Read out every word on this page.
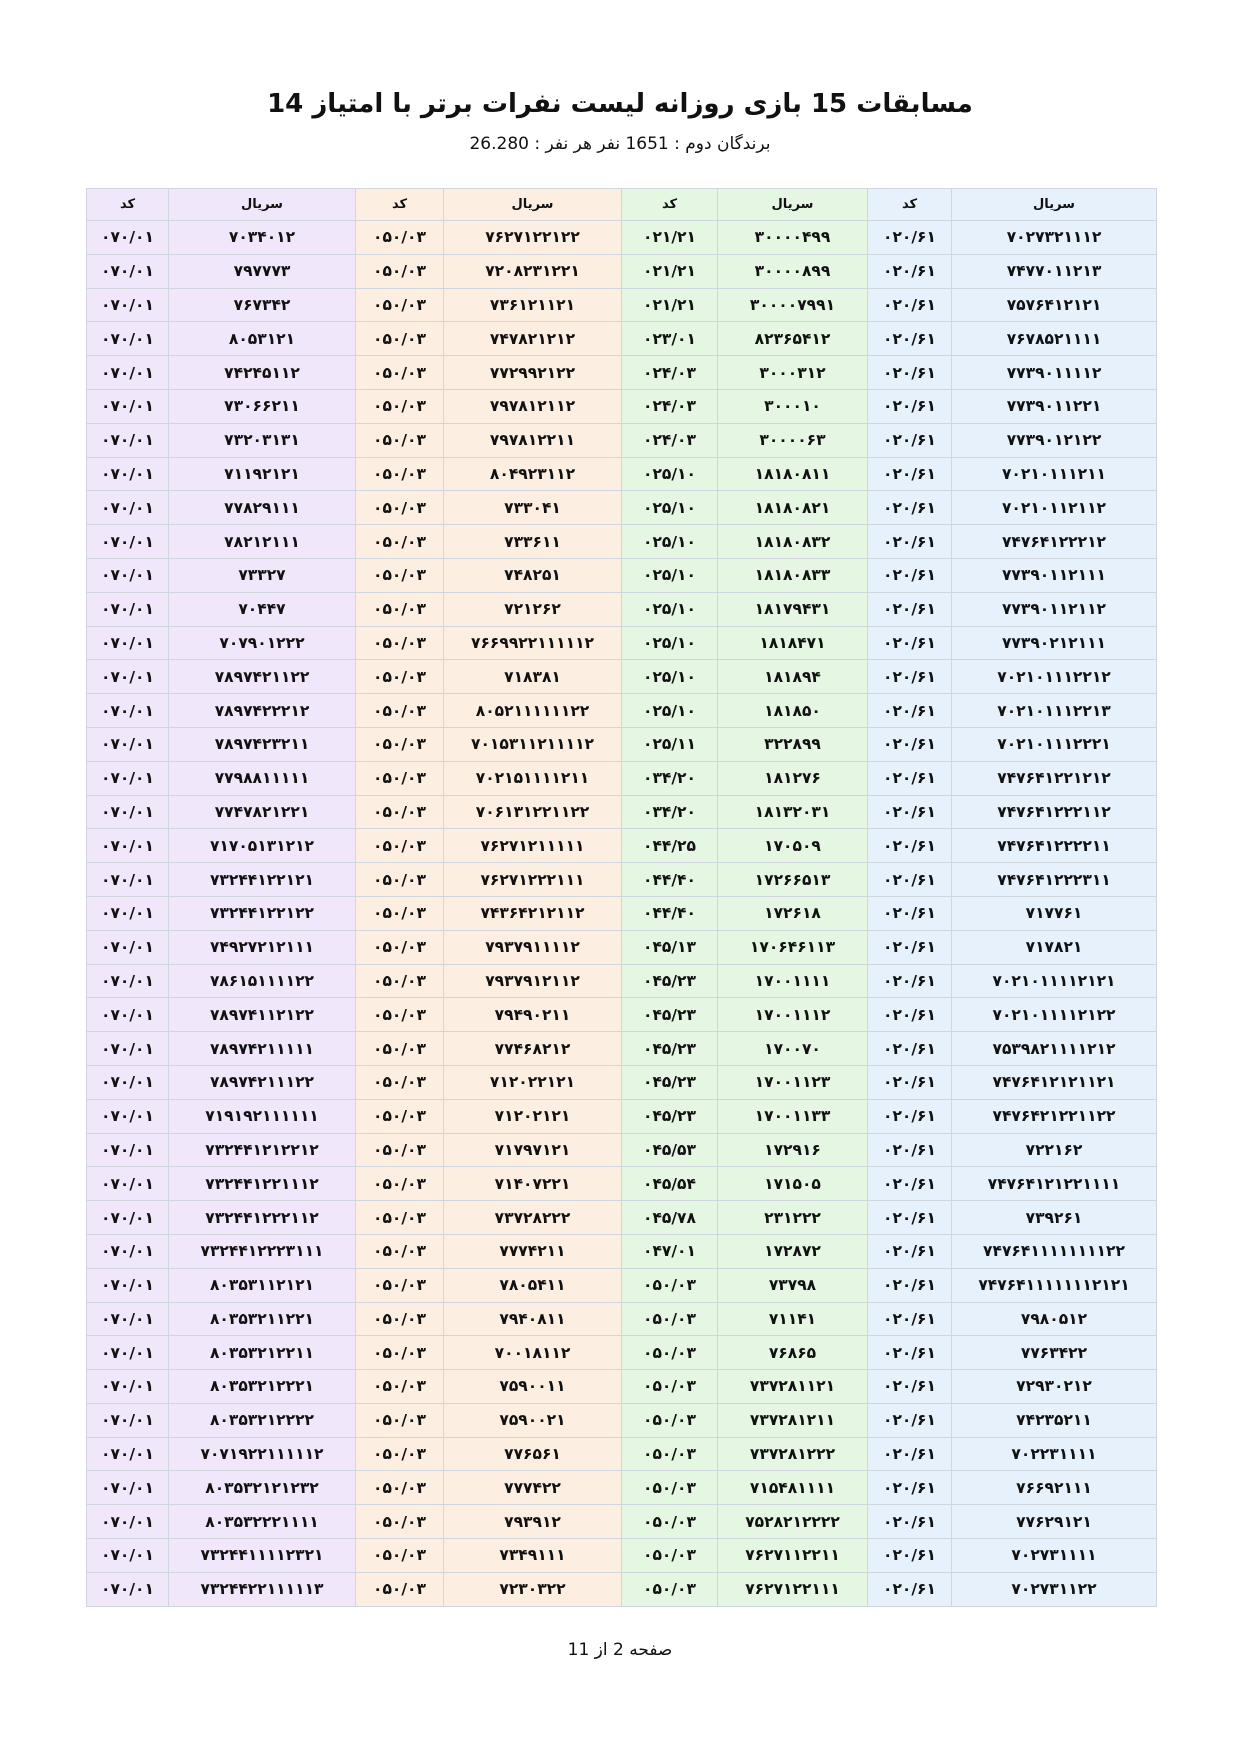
مسابقات 15 بازی روزانه لیست نفرات برتر با امتیاز 14
برندگان دوم : 1651 نفر هر نفر : 26.280
سریال	کد	سریال	کد	سریال	کد	سریال	کد
۷۰۲۷۳۲۱۱۱۲	۰۲۰/۶۱	۳۰۰۰۰۴۹۹	۰۲۱/۲۱	۷۶۲۷۱۲۲۱۲۲	۰۵۰/۰۳	۷۰۳۴۰۱۲	۰۷۰/۰۱
۷۴۷۷۰۱۱۲۱۳	۰۲۰/۶۱	۳۰۰۰۰۸۹۹	۰۲۱/۲۱	۷۲۰۸۲۳۱۲۲۱	۰۵۰/۰۳	۷۹۷۷۷۳	۰۷۰/۰۱
۷۵۷۶۴۱۲۱۲۱	۰۲۰/۶۱	۳۰۰۰۰۷۹۹۱	۰۲۱/۲۱	۷۳۶۱۲۱۱۲۱	۰۵۰/۰۳	۷۶۷۳۴۲	۰۷۰/۰۱
۷۶۷۸۵۲۱۱۱۱	۰۲۰/۶۱	۸۲۳۶۵۴۱۲	۰۲۳/۰۱	۷۴۷۸۲۱۲۱۲	۰۵۰/۰۳	۸۰۵۳۱۲۱	۰۷۰/۰۱
۷۷۳۹۰۱۱۱۱۲	۰۲۰/۶۱	۳۰۰۰۳۱۲	۰۲۴/۰۳	۷۷۲۹۹۲۱۲۲	۰۵۰/۰۳	۷۴۲۴۵۱۱۲	۰۷۰/۰۱
۷۷۳۹۰۱۱۲۲۱	۰۲۰/۶۱	۳۰۰۰۱۰	۰۲۴/۰۳	۷۹۷۸۱۲۱۱۲	۰۵۰/۰۳	۷۳۰۶۶۲۱۱	۰۷۰/۰۱
۷۷۳۹۰۱۲۱۲۲	۰۲۰/۶۱	۳۰۰۰۰۶۳	۰۲۴/۰۳	۷۹۷۸۱۲۲۱۱	۰۵۰/۰۳	۷۳۲۰۳۱۳۱	۰۷۰/۰۱
۷۰۲۱۰۱۱۱۲۱۱	۰۲۰/۶۱	۱۸۱۸۰۸۱۱	۰۲۵/۱۰	۸۰۴۹۲۳۱۱۲	۰۵۰/۰۳	۷۱۱۹۲۱۲۱	۰۷۰/۰۱
۷۰۲۱۰۱۱۲۱۱۲	۰۲۰/۶۱	۱۸۱۸۰۸۲۱	۰۲۵/۱۰	۷۳۳۰۴۱	۰۵۰/۰۳	۷۷۸۲۹۱۱۱	۰۷۰/۰۱
۷۴۷۶۴۱۲۲۲۱۲	۰۲۰/۶۱	۱۸۱۸۰۸۳۲	۰۲۵/۱۰	۷۳۳۶۱۱	۰۵۰/۰۳	۷۸۲۱۲۱۱۱	۰۷۰/۰۱
۷۷۳۹۰۱۱۲۱۱۱	۰۲۰/۶۱	۱۸۱۸۰۸۳۳	۰۲۵/۱۰	۷۴۸۲۵۱	۰۵۰/۰۳	۷۳۳۲۷	۰۷۰/۰۱
۷۷۳۹۰۱۱۲۱۱۲	۰۲۰/۶۱	۱۸۱۷۹۴۳۱	۰۲۵/۱۰	۷۲۱۲۶۲	۰۵۰/۰۳	۷۰۴۴۷	۰۷۰/۰۱
۷۷۳۹۰۲۱۲۱۱۱	۰۲۰/۶۱	۱۸۱۸۴۷۱	۰۲۵/۱۰	۷۶۶۹۹۲۲۱۱۱۱۱۲	۰۵۰/۰۳	۷۰۷۹۰۱۲۲۲	۰۷۰/۰۱
۷۰۲۱۰۱۱۱۲۲۱۲	۰۲۰/۶۱	۱۸۱۸۹۴	۰۲۵/۱۰	۷۱۸۳۸۱	۰۵۰/۰۳	۷۸۹۷۴۲۱۱۲۲	۰۷۰/۰۱
۷۰۲۱۰۱۱۱۲۲۱۳	۰۲۰/۶۱	۱۸۱۸۵۰	۰۲۵/۱۰	۸۰۵۲۱۱۱۱۱۱۲۲	۰۵۰/۰۳	۷۸۹۷۴۲۲۲۱۲	۰۷۰/۰۱
۷۰۲۱۰۱۱۱۲۲۲۱	۰۲۰/۶۱	۳۲۲۸۹۹	۰۲۵/۱۱	۷۰۱۵۳۱۱۲۱۱۱۱۲	۰۵۰/۰۳	۷۸۹۷۴۲۳۲۱۱	۰۷۰/۰۱
۷۴۷۶۴۱۲۲۱۲۱۲	۰۲۰/۶۱	۱۸۱۲۷۶	۰۳۴/۲۰	۷۰۲۱۵۱۱۱۱۲۱۱	۰۵۰/۰۳	۷۷۹۸۸۱۱۱۱۱	۰۷۰/۰۱
۷۴۷۶۴۱۲۲۲۱۱۲	۰۲۰/۶۱	۱۸۱۳۲۰۳۱	۰۳۴/۲۰	۷۰۶۱۳۱۲۲۱۱۲۲	۰۵۰/۰۳	۷۷۴۷۸۲۱۲۲۱	۰۷۰/۰۱
۷۴۷۶۴۱۲۲۲۲۱۱	۰۲۰/۶۱	۱۷۰۵۰۹	۰۴۴/۲۵	۷۶۲۷۱۲۱۱۱۱۱	۰۵۰/۰۳	۷۱۷۰۵۱۳۱۲۱۲	۰۷۰/۰۱
۷۴۷۶۴۱۲۲۲۳۱۱	۰۲۰/۶۱	۱۷۲۶۶۵۱۳	۰۴۴/۴۰	۷۶۲۷۱۲۲۲۱۱۱	۰۵۰/۰۳	۷۳۲۴۴۱۲۲۱۲۱	۰۷۰/۰۱
۷۱۷۷۶۱	۰۲۰/۶۱	۱۷۲۶۱۸	۰۴۴/۴۰	۷۴۳۶۴۲۱۲۱۱۲	۰۵۰/۰۳	۷۳۲۴۴۱۲۲۱۲۲	۰۷۰/۰۱
۷۱۷۸۲۱	۰۲۰/۶۱	۱۷۰۶۴۶۱۱۳	۰۴۵/۱۳	۷۹۳۷۹۱۱۱۱۲	۰۵۰/۰۳	۷۴۹۲۷۲۱۲۱۱۱	۰۷۰/۰۱
۷۰۲۱۰۱۱۱۱۲۱۲۱	۰۲۰/۶۱	۱۷۰۰۱۱۱۱	۰۴۵/۲۳	۷۹۳۷۹۱۲۱۱۲	۰۵۰/۰۳	۷۸۶۱۵۱۱۱۱۲۲	۰۷۰/۰۱
۷۰۲۱۰۱۱۱۱۲۱۲۲	۰۲۰/۶۱	۱۷۰۰۱۱۱۲	۰۴۵/۲۳	۷۹۴۹۰۲۱۱	۰۵۰/۰۳	۷۸۹۷۴۱۱۲۱۲۲	۰۷۰/۰۱
۷۵۳۹۸۲۱۱۱۱۲۱۲	۰۲۰/۶۱	۱۷۰۰۷۰	۰۴۵/۲۳	۷۷۴۶۸۲۱۲	۰۵۰/۰۳	۷۸۹۷۴۲۱۱۱۱۱	۰۷۰/۰۱
۷۴۷۶۴۱۲۱۲۱۱۲۱	۰۲۰/۶۱	۱۷۰۰۱۱۲۳	۰۴۵/۲۳	۷۱۲۰۲۲۱۲۱	۰۵۰/۰۳	۷۸۹۷۴۲۱۱۱۲۲	۰۷۰/۰۱
۷۴۷۶۴۲۱۲۲۱۱۲۲	۰۲۰/۶۱	۱۷۰۰۱۱۳۳	۰۴۵/۲۳	۷۱۲۰۲۱۲۱	۰۵۰/۰۳	۷۱۹۱۹۲۱۱۱۱۱۱	۰۷۰/۰۱
۷۲۲۱۶۲	۰۲۰/۶۱	۱۷۲۹۱۶	۰۴۵/۵۳	۷۱۷۹۷۱۲۱	۰۵۰/۰۳	۷۳۲۴۴۱۲۱۲۲۱۲	۰۷۰/۰۱
۷۴۷۶۴۱۲۱۲۲۱۱۱۱	۰۲۰/۶۱	۱۷۱۵۰۵	۰۴۵/۵۴	۷۱۴۰۷۲۲۱	۰۵۰/۰۳	۷۳۲۴۴۱۲۲۱۱۱۲	۰۷۰/۰۱
۷۳۹۲۶۱	۰۲۰/۶۱	۲۳۱۲۲۲	۰۴۵/۷۸	۷۳۷۲۸۲۲۲	۰۵۰/۰۳	۷۳۲۴۴۱۲۲۲۱۱۲	۰۷۰/۰۱
۷۴۷۶۴۱۱۱۱۱۱۱۱۲۲	۰۲۰/۶۱	۱۷۲۸۷۲	۰۴۷/۰۱	۷۷۷۴۲۱۱	۰۵۰/۰۳	۷۳۲۴۴۱۲۲۲۳۱۱۱	۰۷۰/۰۱
۷۴۷۶۴۱۱۱۱۱۱۱۲۱۲۱	۰۲۰/۶۱	۷۳۷۹۸	۰۵۰/۰۳	۷۸۰۵۴۱۱	۰۵۰/۰۳	۸۰۳۵۳۱۱۲۱۲۱	۰۷۰/۰۱
۷۹۸۰۵۱۲	۰۲۰/۶۱	۷۱۱۴۱	۰۵۰/۰۳	۷۹۴۰۸۱۱	۰۵۰/۰۳	۸۰۳۵۳۲۱۱۲۲۱	۰۷۰/۰۱
۷۷۶۳۴۲۲	۰۲۰/۶۱	۷۶۸۶۵	۰۵۰/۰۳	۷۰۰۱۸۱۱۲	۰۵۰/۰۳	۸۰۳۵۳۲۱۲۲۱۱	۰۷۰/۰۱
۷۲۹۳۰۲۱۲	۰۲۰/۶۱	۷۳۷۲۸۱۱۲۱	۰۵۰/۰۳	۷۵۹۰۰۱۱	۰۵۰/۰۳	۸۰۳۵۳۲۱۲۲۲۱	۰۷۰/۰۱
۷۴۲۳۵۲۱۱	۰۲۰/۶۱	۷۳۷۲۸۱۲۱۱	۰۵۰/۰۳	۷۵۹۰۰۲۱	۰۵۰/۰۳	۸۰۳۵۳۲۱۲۲۲۲	۰۷۰/۰۱
۷۰۲۲۳۱۱۱۱	۰۲۰/۶۱	۷۳۷۲۸۱۲۲۲	۰۵۰/۰۳	۷۷۶۵۶۱	۰۵۰/۰۳	۷۰۷۱۹۲۲۱۱۱۱۱۲	۰۷۰/۰۱
۷۶۶۹۲۱۱۱	۰۲۰/۶۱	۷۱۵۴۸۱۱۱۱	۰۵۰/۰۳	۷۷۷۴۲۲	۰۵۰/۰۳	۸۰۳۵۳۲۱۲۱۲۳۲	۰۷۰/۰۱
۷۷۶۲۹۱۲۱	۰۲۰/۶۱	۷۵۲۸۲۱۲۲۲۲	۰۵۰/۰۳	۷۹۳۹۱۲	۰۵۰/۰۳	۸۰۳۵۳۲۲۲۱۱۱۱	۰۷۰/۰۱
۷۰۲۷۳۱۱۱۱	۰۲۰/۶۱	۷۶۲۷۱۱۲۲۱۱	۰۵۰/۰۳	۷۳۴۹۱۱۱	۰۵۰/۰۳	۷۳۲۴۴۱۱۱۱۲۳۲۱	۰۷۰/۰۱
۷۰۲۷۳۱۱۲۲	۰۲۰/۶۱	۷۶۲۷۱۲۲۱۱۱	۰۵۰/۰۳	۷۲۳۰۳۲۲	۰۵۰/۰۳	۷۳۲۴۴۲۲۱۱۱۱۱۳	۰۷۰/۰۱
صفحه 2 از 11
